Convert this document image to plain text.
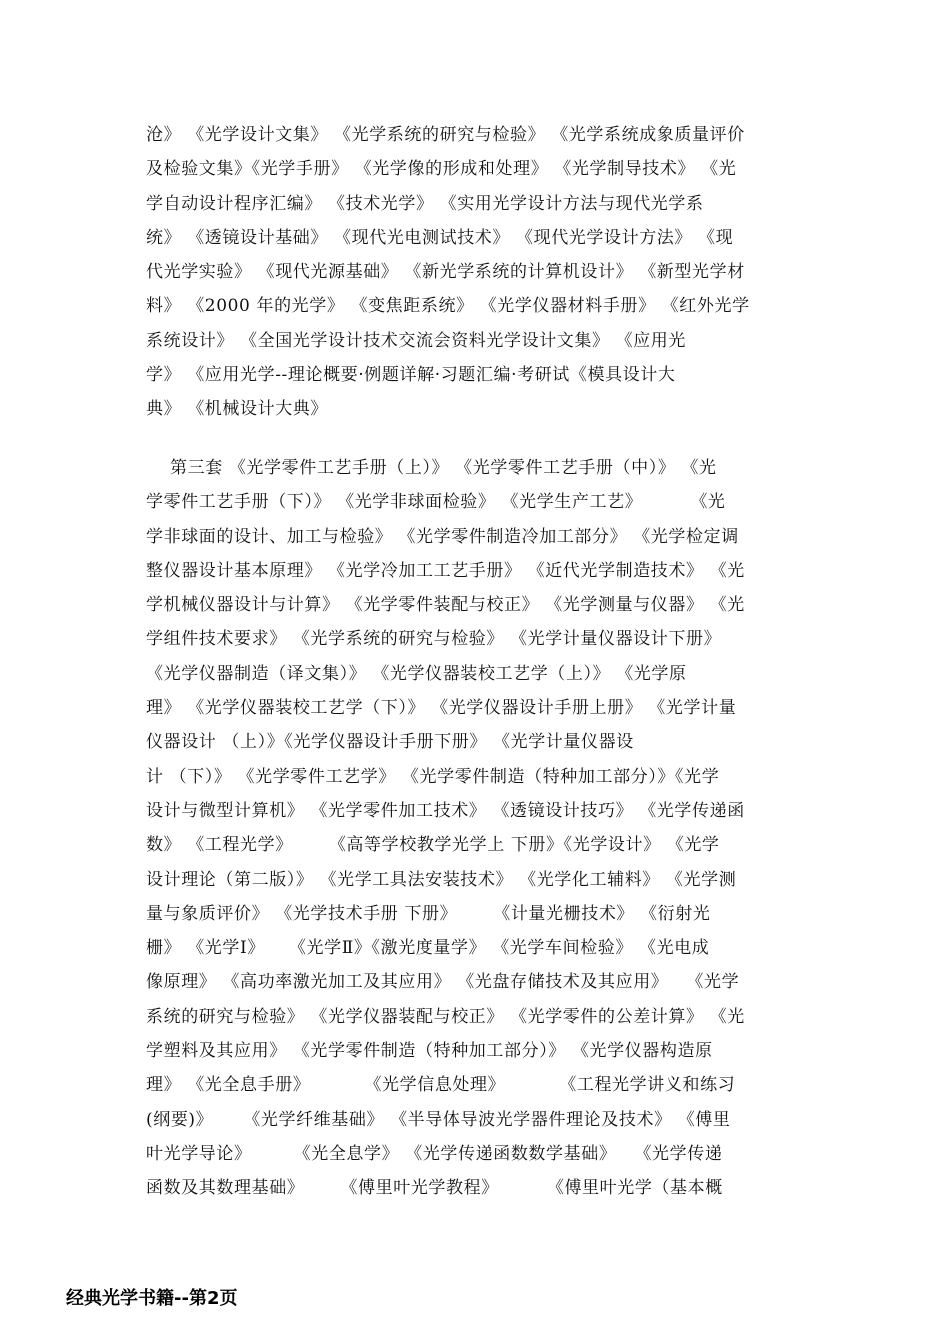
沧》 《光学设计文集》 《光学系统的研究与检验》 《光学系统成象质量评价
及检验文集》《光学手册》 《光学像的形成和处理》 《光学制导技术》 《光
学自动设计程序汇编》 《技术光学》 《实用光学设计方法与现代光学系
统》 《透镜设计基础》 《现代光电测试技术》 《现代光学设计方法》 《现
代光学实验》 《现代光源基础》 《新光学系统的计算机设计》 《新型光学材
料》 《2000 年的光学》 《变焦距系统》 《光学仪器材料手册》 《红外光学
系统设计》 《全国光学设计技术交流会资料光学设计文集》 《应用光
学》 《应用光学--理论概要·例题详解·习题汇编·考研试《模具设计大
典》 《机械设计大典》
第三套 《光学零件工艺手册（上）》 《光学零件工艺手册（中）》 《光
学零件工艺手册（下）》 《光学非球面检验》 《光学生产工艺》        《光
学非球面的设计、加工与检验》 《光学零件制造冷加工部分》 《光学检定调
整仪器设计基本原理》 《光学冷加工工艺手册》 《近代光学制造技术》 《光
学机械仪器设计与计算》 《光学零件装配与校正》 《光学测量与仪器》 《光
学组件技术要求》 《光学系统的研究与检验》 《光学计量仪器设计下册》
《光学仪器制造（译文集）》 《光学仪器装校工艺学（上）》 《光学原
理》 《光学仪器装校工艺学（下）》 《光学仪器设计手册上册》 《光学计量
仪器设计 （上）》《光学仪器设计手册下册》 《光学计量仪器设
计 （下）》 《光学零件工艺学》 《光学零件制造（特种加工部分）》《光学
设计与微型计算机》 《光学零件加工技术》 《透镜设计技巧》 《光学传递函
数》 《工程光学》      《高等学校教学光学上 下册》《光学设计》 《光学
设计理论（第二版）》 《光学工具法安装技术》 《光学化工辅料》 《光学测
量与象质评价》 《光学技术手册 下册》      《计量光栅技术》 《衍射光
栅》 《光学Ⅰ》    《光学Ⅱ》《激光度量学》 《光学车间检验》 《光电成
像原理》 《高功率激光加工及其应用》 《光盘存储技术及其应用》   《光学
系统的研究与检验》 《光学仪器装配与校正》 《光学零件的公差计算》 《光
学塑料及其应用》 《光学零件制造（特种加工部分）》 《光学仪器构造原
理》 《光全息手册》         《光学信息处理》         《工程光学讲义和练习
(纲要)》     《光学纤维基础》 《半导体导波光学器件理论及技术》 《傅里
叶光学导论》       《光全息学》 《光学传递函数数学基础》   《光学传递
函数及其数理基础》      《傅里叶光学教程》        《傅里叶光学（基本概
经典光学书籍--第2页
